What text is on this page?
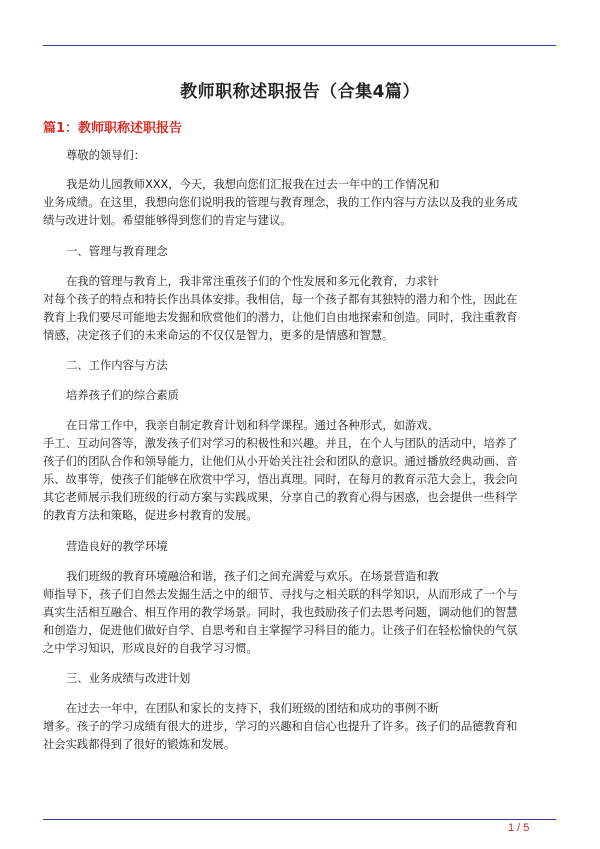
教师职称述职报告（合集4篇）
篇1：教师职称述职报告
尊敬的领导们：
我是幼儿园教师XXX，今天，我想向您们汇报我在过去一年中的工作情况和
业务成绩。在这里，我想向您们说明我的管理与教育理念，我的工作内容与方法以及我的业务成
绩与改进计划。希望能够得到您们的肯定与建议。
一、管理与教育理念
在我的管理与教育上，我非常注重孩子们的个性发展和多元化教育，力求针
对每个孩子的特点和特长作出具体安排。我相信，每一个孩子都有其独特的潜力和个性，因此在
教育上我们要尽可能地去发掘和欣赏他们的潜力，让他们自由地探索和创造。同时，我注重教育
情感，决定孩子们的未来命运的不仅仅是智力，更多的是情感和智慧。
二、工作内容与方法
培养孩子们的综合素质
在日常工作中，我亲自制定教育计划和科学课程。通过各种形式，如游戏、
手工、互动问答等，激发孩子们对学习的积极性和兴趣。并且，在个人与团队的活动中，培养了
孩子们的团队合作和领导能力，让他们从小开始关注社会和团队的意识。通过播放经典动画、音
乐、故事等，使孩子们能够在欣赏中学习，悟出真理。同时，在每月的教育示范大会上，我会向
其它老师展示我们班级的行动方案与实践成果，分享自己的教育心得与困惑，也会提供一些科学
的教育方法和策略，促进乡村教育的发展。
营造良好的教学环境
我们班级的教育环境融洽和谐，孩子们之间充满爱与欢乐。在场景营造和教
师指导下，孩子们自然去发掘生活之中的细节、寻找与之相关联的科学知识，从而形成了一个与
真实生活相互融合、相互作用的教学场景。同时，我也鼓励孩子们去思考问题，调动他们的智慧
和创造力，促进他们做好自学、自思考和自主掌握学习科目的能力。让孩子们在轻松愉快的气氛
之中学习知识，形成良好的自我学习习惯。
三、业务成绩与改进计划
在过去一年中，在团队和家长的支持下，我们班级的团结和成功的事例不断
增多。孩子的学习成绩有很大的进步，学习的兴趣和自信心也提升了许多。孩子们的品德教育和
社会实践都得到了很好的锻炼和发展。
1 / 5
